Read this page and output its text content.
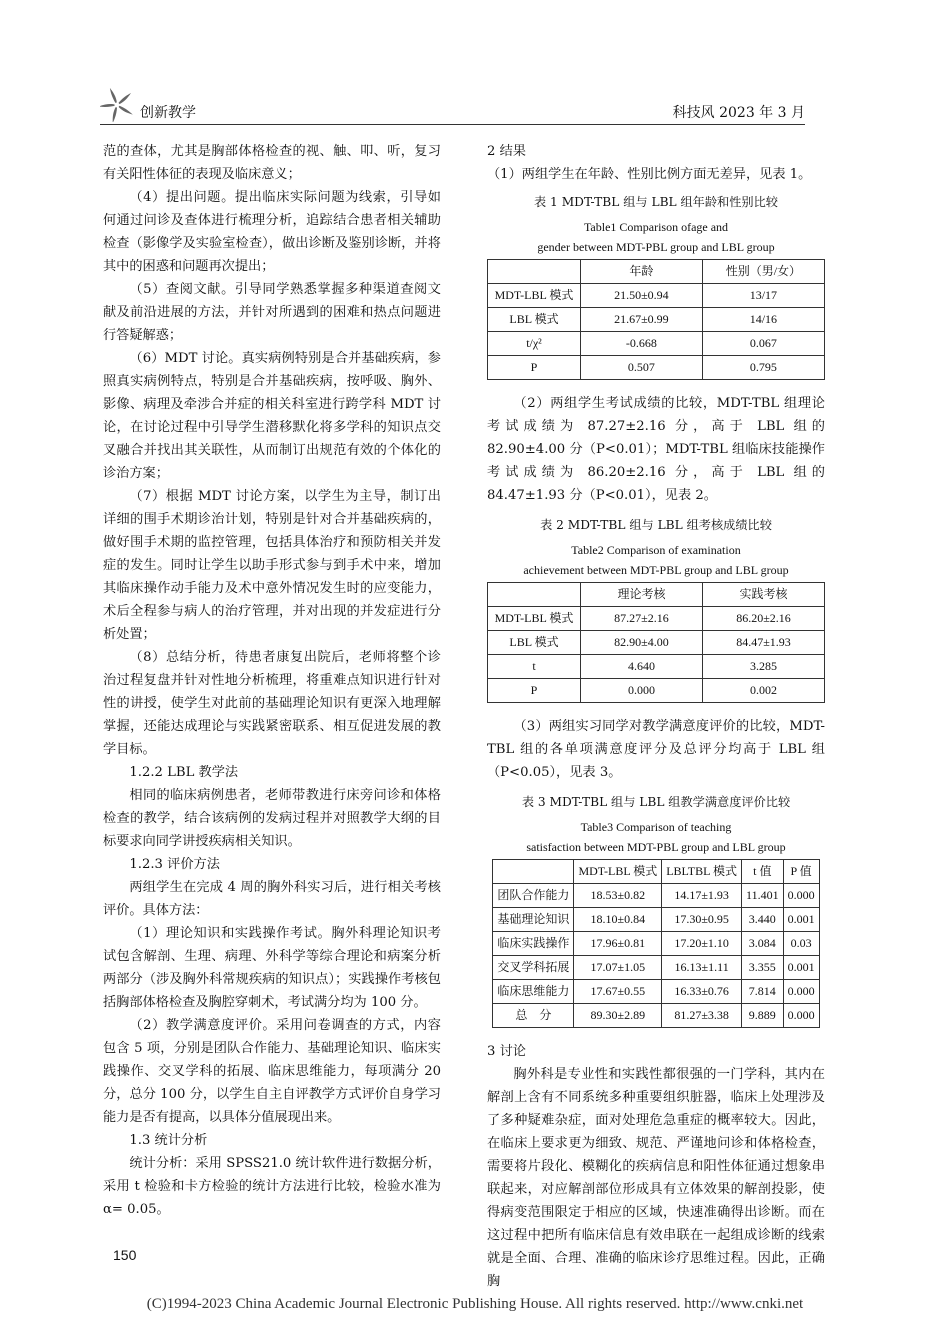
创新教学	科技风 2023 年 3 月

范的查体，尤其是胸部体格检查的视、触、叩、听，复习有关阳性体征的表现及临床意义；

（4）提出问题。提出临床实际问题为线索，引导如何通过问诊及查体进行梳理分析，追踪结合患者相关辅助检查（影像学及实验室检查），做出诊断及鉴别诊断，并将其中的困惑和问题再次提出；

（5）查阅文献。引导同学熟悉掌握多种渠道查阅文献及前沿进展的方法，并针对所遇到的困难和热点问题进行答疑解惑；

（6）MDT 讨论。真实病例特别是合并基础疾病，参照真实病例特点，特别是合并基础疾病，按呼吸、胸外、影像、病理及牵涉合并症的相关科室进行跨学科 MDT 讨论，在讨论过程中引导学生潜移默化将多学科的知识点交叉融合并找出其关联性，从而制订出规范有效的个体化的诊治方案；

（7）根据 MDT 讨论方案，以学生为主导，制订出详细的围手术期诊治计划，特别是针对合并基础疾病的，做好围手术期的监控管理，包括具体治疗和预防相关并发症的发生。同时让学生以助手形式参与到手术中来，增加其临床操作动手能力及术中意外情况发生时的应变能力，术后全程参与病人的治疗管理，并对出现的并发症进行分析处置；

（8）总结分析，待患者康复出院后，老师将整个诊治过程复盘并针对性地分析梳理，将重难点知识进行针对性的讲授，使学生对此前的基础理论知识有更深入地理解掌握，还能达成理论与实践紧密联系、相互促进发展的教学目标。

1.2.2 LBL 教学法

相同的临床病例患者，老师带教进行床旁问诊和体格检查的教学，结合该病例的发病过程并对照教学大纲的目标要求向同学讲授疾病相关知识。

1.2.3 评价方法

两组学生在完成 4 周的胸外科实习后，进行相关考核评价。具体方法：

（1）理论知识和实践操作考试。胸外科理论知识考试包含解剖、生理、病理、外科学等综合理论和病案分析两部分（涉及胸外科常规疾病的知识点）；实践操作考核包括胸部体格检查及胸腔穿刺术，考试满分均为 100 分。

（2）教学满意度评价。采用问卷调查的方式，内容包含 5 项，分别是团队合作能力、基础理论知识、临床实践操作、交叉学科的拓展、临床思维能力，每项满分 20 分，总分 100 分，以学生自主自评教学方式评价自身学习能力是否有提高，以具体分值展现出来。

1.3 统计分析

统计分析：采用 SPSS21.0 统计软件进行数据分析，采用 t 检验和卡方检验的统计方法进行比较，检验水准为α= 0.05。

2 结果

（1）两组学生在年龄、性别比例方面无差异，见表 1。

表 1 MDT-TBL 组与 LBL 组年龄和性别比较
Table1 Comparison ofage and
gender between MDT-PBL group and LBL group
	年龄	性别（男/女）
MDT-LBL 模式	21.50±0.94	13/17
LBL 模式	21.67±0.99	14/16
t/χ²	-0.668	0.067
P	0.507	0.795

（2）两组学生考试成绩的比较，MDT-TBL 组理论考试成绩为 87.27±2.16 分，高于 LBL 组的 82.90±4.00 分（P<0.01）；MDT-TBL 组临床技能操作考试成绩为 86.20±2.16 分，高于 LBL 组的 84.47±1.93 分（P<0.01），见表 2。

表 2 MDT-TBL 组与 LBL 组考核成绩比较
Table2 Comparison of examination
achievement between MDT-PBL group and LBL group
	理论考核	实践考核
MDT-LBL 模式	87.27±2.16	86.20±2.16
LBL 模式	82.90±4.00	84.47±1.93
t	4.640	3.285
P	0.000	0.002

（3）两组实习同学对教学满意度评价的比较，MDT-TBL 组的各单项满意度评分及总评分均高于 LBL 组（P<0.05），见表 3。

表 3 MDT-TBL 组与 LBL 组教学满意度评价比较
Table3 Comparison of teaching
satisfaction between MDT-PBL group and LBL group
	MDT-LBL 模式	LBLTBL 模式	t 值	P 值
团队合作能力	18.53±0.82	14.17±1.93	11.401	0.000
基础理论知识	18.10±0.84	17.30±0.95	3.440	0.001
临床实践操作	17.96±0.81	17.20±1.10	3.084	0.03
交叉学科拓展	17.07±1.05	16.13±1.11	3.355	0.001
临床思维能力	17.67±0.55	16.33±0.76	7.814	0.000
总　分	89.30±2.89	81.27±3.38	9.889	0.000

3 讨论

胸外科是专业性和实践性都很强的一门学科，其内在解剖上含有不同系统多种重要组织脏器，临床上处理涉及了多种疑难杂症，面对处理危急重症的概率较大。因此，在临床上要求更为细致、规范、严谨地问诊和体格检查，需要将片段化、模糊化的疾病信息和阳性体征通过想象串联起来，对应解剖部位形成具有立体效果的解剖投影，使得病变范围限定于相应的区域，快速准确得出诊断。而在这过程中把所有临床信息有效串联在一起组成诊断的线索就是全面、合理、准确的临床诊疗思维过程。因此，正确胸

150
(C)1994-2023 China Academic Journal Electronic Publishing House. All rights reserved. http://www.cnki.net
